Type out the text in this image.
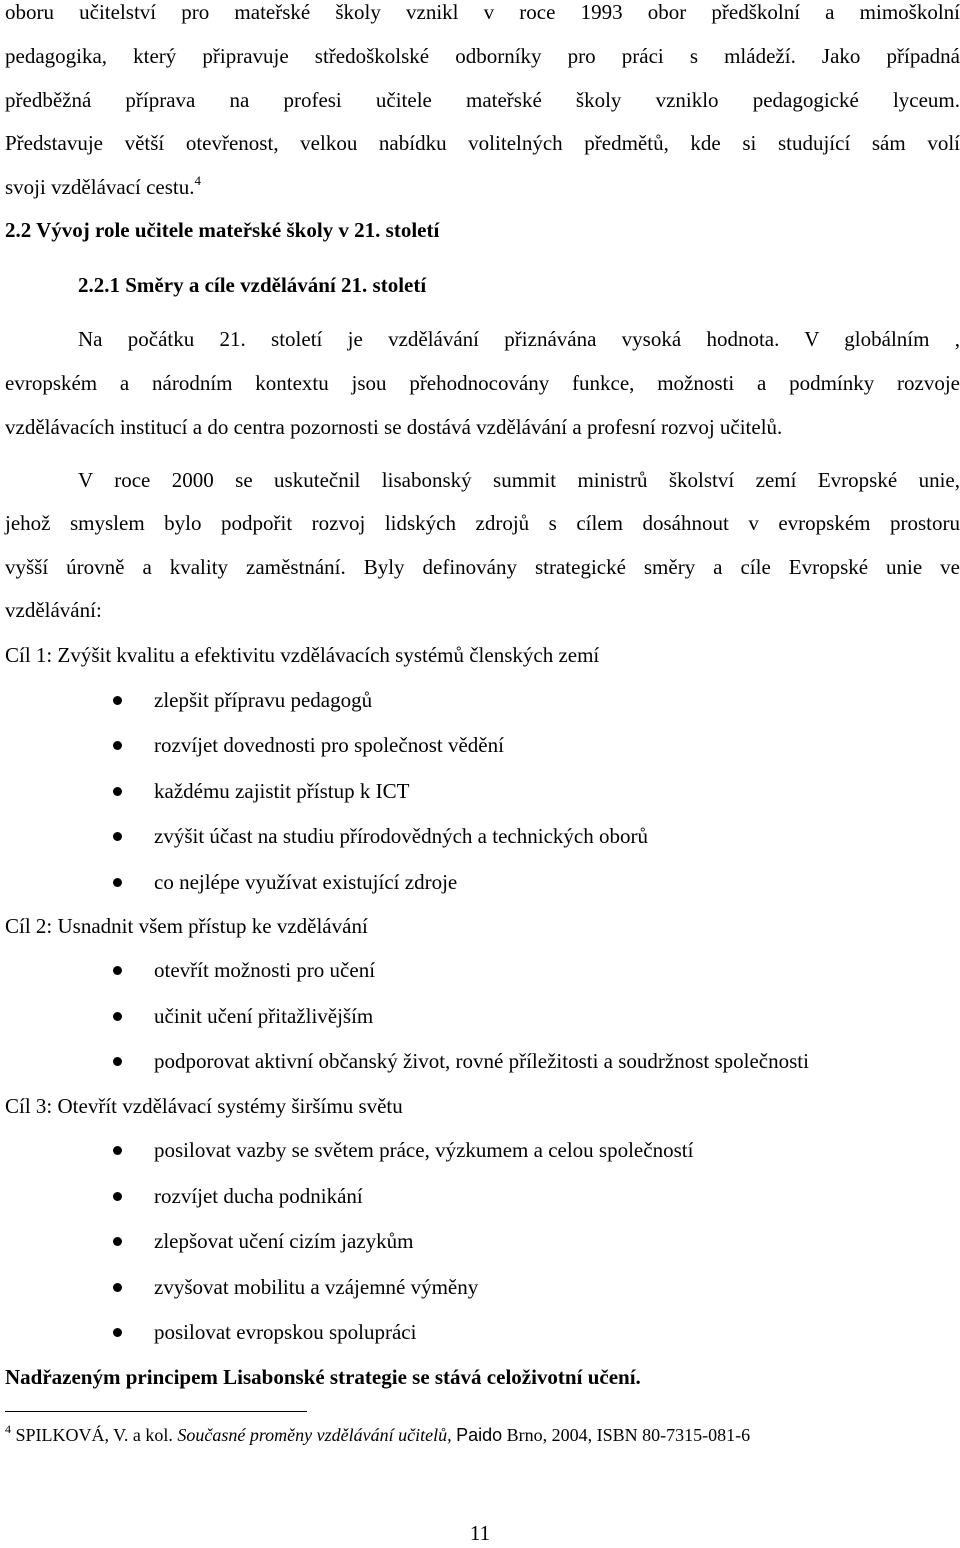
oboru učitelství pro mateřské školy vznikl v roce 1993 obor předškolní a mimoškolní
pedagogika, který připravuje středoškolské odborníky pro práci s mládeží. Jako případná
předběžná příprava na profesi učitele mateřské školy vzniklo pedagogické lyceum.
Představuje větší otevřenost, velkou nabídku volitelných předmětů, kde si studující sám volí
svoji vzdělávací cestu.$^4$
2.2 Vývoj role učitele mateřské školy v 21. století
2.2.1 Směry a cíle vzdělávání 21. století
Na počátku 21. století je vzdělávání přiznávána vysoká hodnota. V globálním ,
evropském a národním kontextu jsou přehodnocovány funkce, možnosti a podmínky rozvoje
vzdělávacích institucí a do centra pozornosti se dostává vzdělávání a profesní rozvoj učitelů.
V roce 2000 se uskutečnil lisabonský summit ministrů školství zemí Evropské unie,
jehož smyslem bylo podpořit rozvoj lidských zdrojů s cílem dosáhnout v evropském prostoru
vyšší úrovně a kvality zaměstnání. Byly definovány strategické směry a cíle Evropské unie ve
vzdělávání:
Cíl 1: Zvýšit kvalitu a efektivitu vzdělávacích systémů členských zemí
zlepšit přípravu pedagogů
rozvíjet dovednosti pro společnost vědění
každému zajistit přístup k ICT
zvýšit účast na studiu přírodovědných a technických oborů
co nejlépe využívat existující zdroje
Cíl 2: Usnadnit všem přístup ke vzdělávání
otevřít možnosti pro učení
učinit učení přitažlivějším
podporovat aktivní občanský život, rovné příležitosti a soudržnost společnosti
Cíl 3: Otevřít vzdělávací systémy širšímu světu
posilovat vazby se světem práce, výzkumem a celou společností
rozvíjet ducha podnikání
zlepšovat učení cizím jazykům
zvyšovat mobilitu a vzájemné výměny
posilovat evropskou spolupráci
Nadřazeným principem Lisabonské strategie se stává celoživotní učení.
$^4$ SPILKOVÁ, V. a kol. Současné proměny vzdělávání učitelů, Paido Brno, 2004, ISBN 80-7315-081-6
11
